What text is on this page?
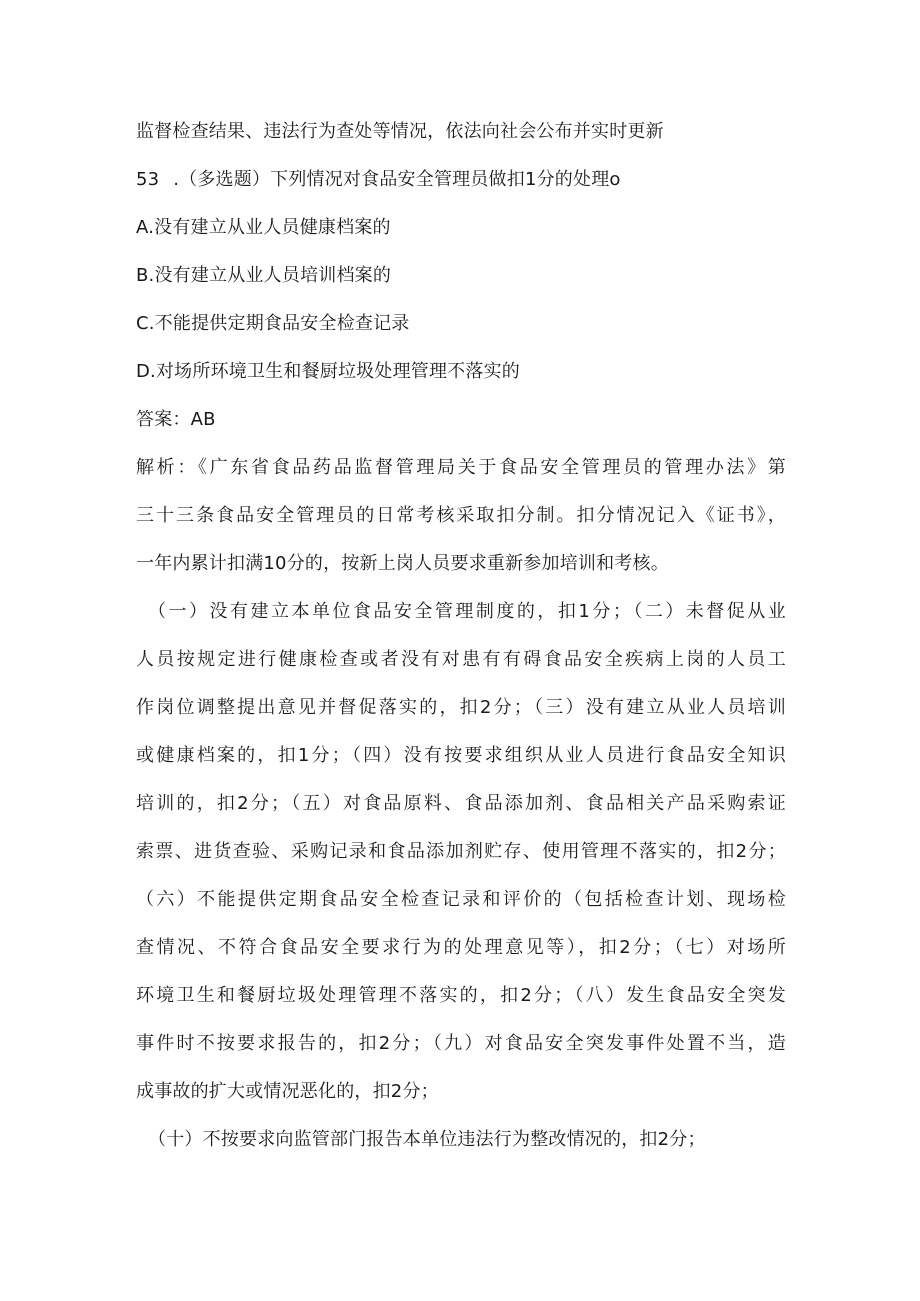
监督检查结果、违法行为查处等情况，依法向社会公布并实时更新
53 .（多选题）下列情况对食品安全管理员做扣1分的处理o
A.没有建立从业人员健康档案的
B.没有建立从业人员培训档案的
C.不能提供定期食品安全检查记录
D.对场所环境卫生和餐厨垃圾处理管理不落实的
答案：AB
解析：《广东省食品药品监督管理局关于食品安全管理员的管理办法》第
三十三条食品安全管理员的日常考核采取扣分制。扣分情况记入《证书》，
一年内累计扣满10分的，按新上岗人员要求重新参加培训和考核。
（一）没有建立本单位食品安全管理制度的，扣1分；（二）未督促从业
人员按规定进行健康检查或者没有对患有有碍食品安全疾病上岗的人员工
作岗位调整提出意见并督促落实的，扣2分；（三）没有建立从业人员培训
或健康档案的，扣1分；（四）没有按要求组织从业人员进行食品安全知识
培训的，扣2分；（五）对食品原料、食品添加剂、食品相关产品采购索证
索票、进货查验、采购记录和食品添加剂贮存、使用管理不落实的，扣2分；
（六）不能提供定期食品安全检查记录和评价的（包括检查计划、现场检
查情况、不符合食品安全要求行为的处理意见等），扣2分；（七）对场所
环境卫生和餐厨垃圾处理管理不落实的，扣2分；（八）发生食品安全突发
事件时不按要求报告的，扣2分；（九）对食品安全突发事件处置不当，造
成事故的扩大或情况恶化的，扣2分；
（十）不按要求向监管部门报告本单位违法行为整改情况的，扣2分；
